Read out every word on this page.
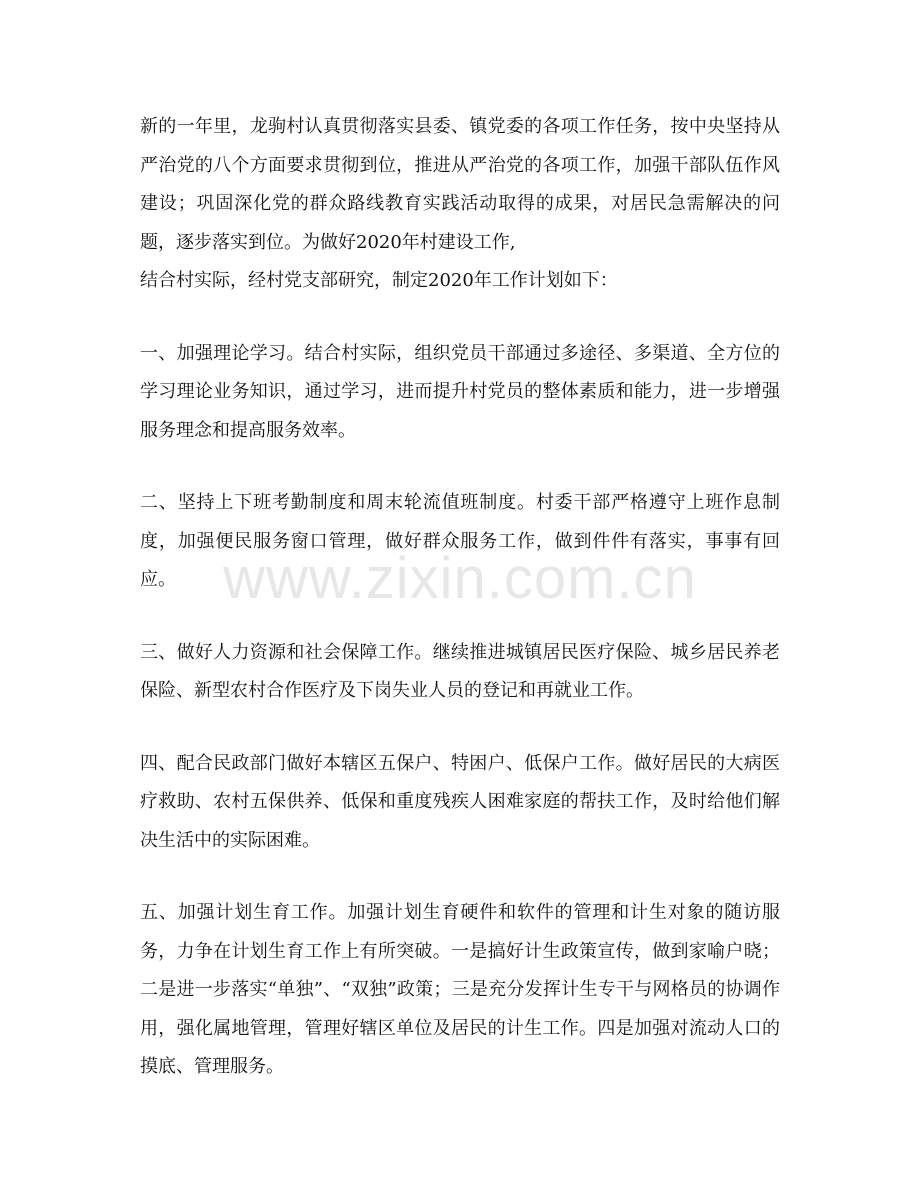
www.zixin.com.cn

新的一年里，龙驹村认真贯彻落实县委、镇党委的各项工作任务，按中央坚持从严治党的八个方面要求贯彻到位，推进从严治党的各项工作，加强干部队伍作风建设；巩固深化党的群众路线教育实践活动取得的成果，对居民急需解决的问题，逐步落实到位。为做好2020年村建设工作,

结合村实际，经村党支部研究，制定2020年工作计划如下：

一、加强理论学习。结合村实际，组织党员干部通过多途径、多渠道、全方位的学习理论业务知识，通过学习，进而提升村党员的整体素质和能力，进一步增强服务理念和提高服务效率。

二、坚持上下班考勤制度和周末轮流值班制度。村委干部严格遵守上班作息制度，加强便民服务窗口管理，做好群众服务工作，做到件件有落实，事事有回应。

三、做好人力资源和社会保障工作。继续推进城镇居民医疗保险、城乡居民养老保险、新型农村合作医疗及下岗失业人员的登记和再就业工作。

四、配合民政部门做好本辖区五保户、特困户、低保户工作。做好居民的大病医疗救助、农村五保供养、低保和重度残疾人困难家庭的帮扶工作，及时给他们解决生活中的实际困难。

五、加强计划生育工作。加强计划生育硬件和软件的管理和计生对象的随访服务，力争在计划生育工作上有所突破。一是搞好计生政策宣传，做到家喻户晓；二是进一步落实“单独”、“双独”政策；三是充分发挥计生专干与网格员的协调作用，强化属地管理，管理好辖区单位及居民的计生工作。四是加强对流动人口的摸底、管理服务。
